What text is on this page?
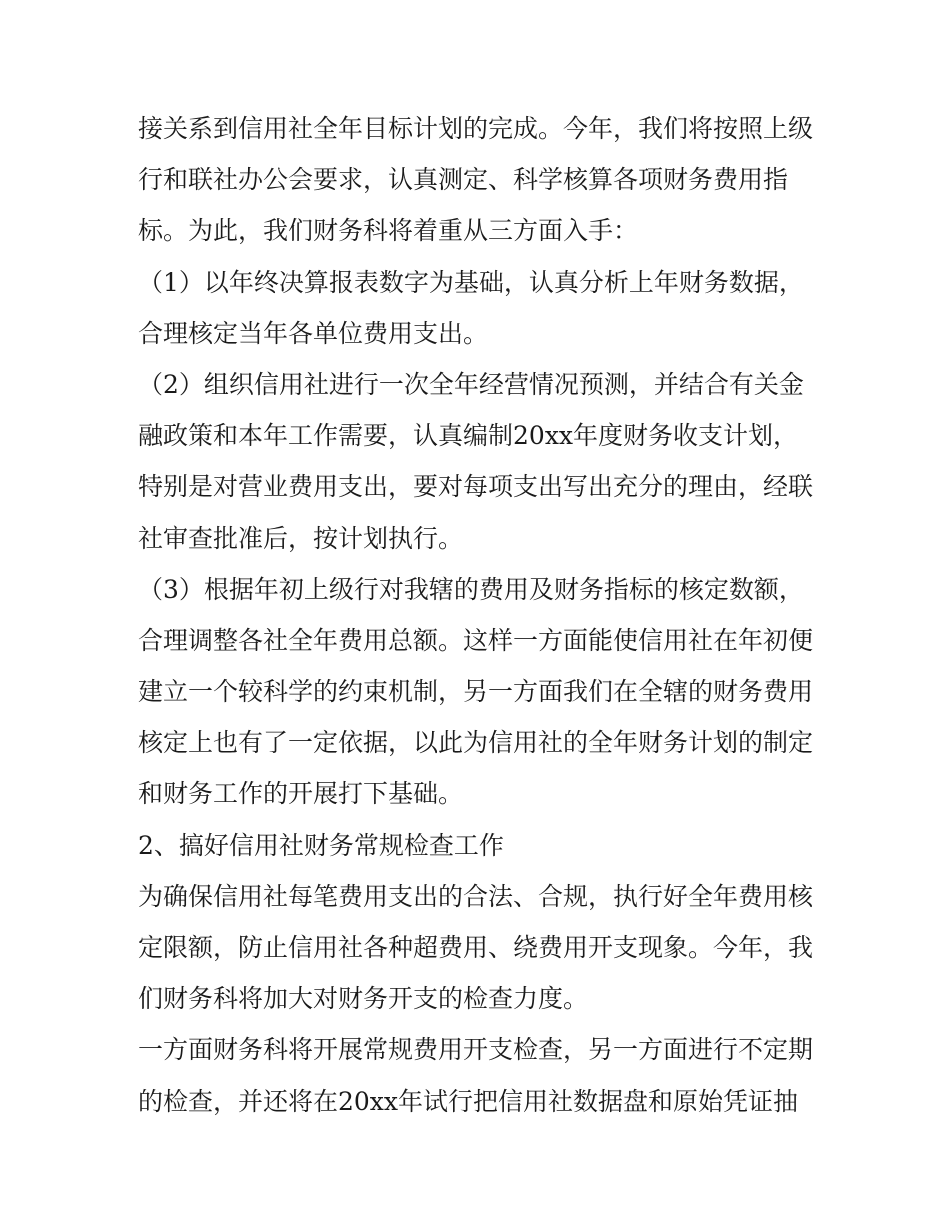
接关系到信用社全年目标计划的完成。今年，我们将按照上级

行和联社办公会要求，认真测定、科学核算各项财务费用指

标。为此，我们财务科将着重从三方面入手：

（1）以年终决算报表数字为基础，认真分析上年财务数据，

合理核定当年各单位费用支出。

（2）组织信用社进行一次全年经营情况预测，并结合有关金

融政策和本年工作需要，认真编制20xx年度财务收支计划，

特别是对营业费用支出，要对每项支出写出充分的理由，经联

社审查批准后，按计划执行。

（3）根据年初上级行对我辖的费用及财务指标的核定数额，

合理调整各社全年费用总额。这样一方面能使信用社在年初便

建立一个较科学的约束机制，另一方面我们在全辖的财务费用

核定上也有了一定依据，以此为信用社的全年财务计划的制定

和财务工作的开展打下基础。

2、搞好信用社财务常规检查工作

为确保信用社每笔费用支出的合法、合规，执行好全年费用核

定限额，防止信用社各种超费用、绕费用开支现象。今年，我

们财务科将加大对财务开支的检查力度。

一方面财务科将开展常规费用开支检查，另一方面进行不定期

的检查，并还将在20xx年试行把信用社数据盘和原始凭证抽
